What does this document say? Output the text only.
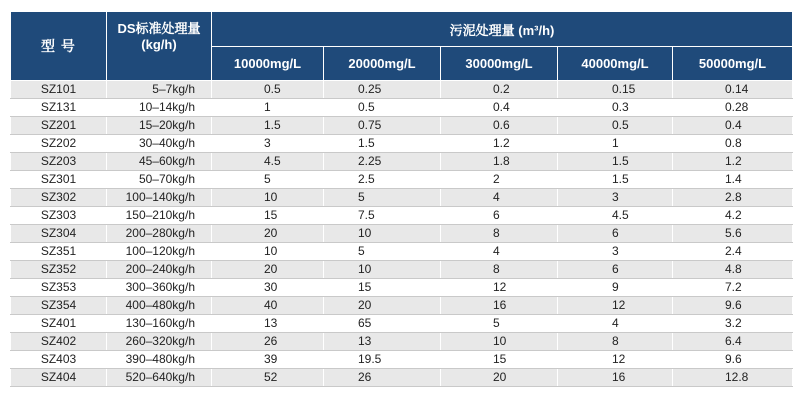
型 号	DS标准处理量
(kg/h)	污泥处理量 (m³/h)				
		10000mg/L	20000mg/L	30000mg/L	40000mg/L	50000mg/L
SZ101	5–7kg/h	0.5	0.25	0.2	0.15	0.14
SZ131	10–14kg/h	1	0.5	0.4	0.3	0.28
SZ201	15–20kg/h	1.5	0.75	0.6	0.5	0.4
SZ202	30–40kg/h	3	1.5	1.2	1	0.8
SZ203	45–60kg/h	4.5	2.25	1.8	1.5	1.2
SZ301	50–70kg/h	5	2.5	2	1.5	1.4
SZ302	100–140kg/h	10	5	4	3	2.8
SZ303	150–210kg/h	15	7.5	6	4.5	4.2
SZ304	200–280kg/h	20	10	8	6	5.6
SZ351	100–120kg/h	10	5	4	3	2.4
SZ352	200–240kg/h	20	10	8	6	4.8
SZ353	300–360kg/h	30	15	12	9	7.2
SZ354	400–480kg/h	40	20	16	12	9.6
SZ401	130–160kg/h	13	65	5	4	3.2
SZ402	260–320kg/h	26	13	10	8	6.4
SZ403	390–480kg/h	39	19.5	15	12	9.6
SZ404	520–640kg/h	52	26	20	16	12.8
